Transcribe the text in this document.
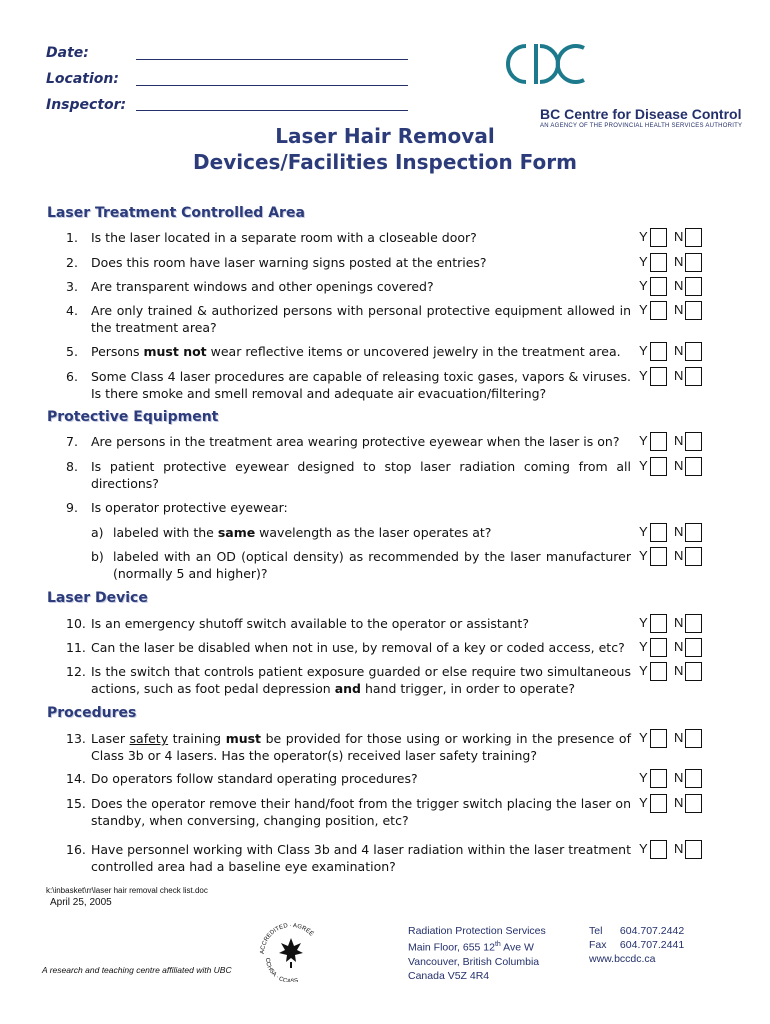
Date:
Location:
Inspector:
BC Centre for Disease Control
AN AGENCY OF THE PROVINCIAL HEALTH SERVICES AUTHORITY
Laser Hair Removal
Devices/Facilities Inspection Form
Laser Treatment Controlled Area
1. Is the laser located in a separate room with a closeable door?	Y N
2. Does this room have laser warning signs posted at the entries?	Y N
3. Are transparent windows and other openings covered?	Y N
4. Are only trained & authorized persons with personal protective equipment allowed in the treatment area?
Y N
5. Persons must not wear reflective items or uncovered jewelry in the treatment area.	Y N
6. Some Class 4 laser procedures are capable of releasing toxic gases, vapors & viruses. Is there smoke and smell removal and adequate air evacuation/filtering?
Y N
Protective Equipment
7. Are persons in the treatment area wearing protective eyewear when the laser is on?	Y N
8. Is patient protective eyewear designed to stop laser radiation coming from all directions?
Y N
9. Is operator protective eyewear:
a) labeled with the same wavelength as the laser operates at?	Y N
b) labeled with an OD (optical density) as recommended by the laser manufacturer (normally 5 and higher)?
Y N
Laser Device
10. Is an emergency shutoff switch available to the operator or assistant?	Y N
11. Can the laser be disabled when not in use, by removal of a key or coded access, etc?	Y N
12. Is the switch that controls patient exposure guarded or else require two simultaneous actions, such as foot pedal depression and hand trigger, in order to operate?
Y N
Procedures
13. Laser safety training must be provided for those using or working in the presence of Class 3b or 4 lasers. Has the operator(s) received laser safety training?
Y N
14. Do operators follow standard operating procedures?	Y N
15. Does the operator remove their hand/foot from the trigger switch placing the laser on standby, when conversing, changing position, etc?
Y N
16. Have personnel working with Class 3b and 4 laser radiation within the laser treatment controlled area had a baseline eye examination?
Y N
k:\inbasket\rr\laser hair removal check list.doc
April 25, 2005
A research and teaching centre affiliated with UBC
ACCREDITED · AGRÉÉ
CCHSA · CCASS
Radiation Protection Services
Main Floor, 655 12th Ave W
Vancouver, British Columbia
Canada V5Z 4R4
Tel 604.707.2442
Fax 604.707.2441
www.bccdc.ca
